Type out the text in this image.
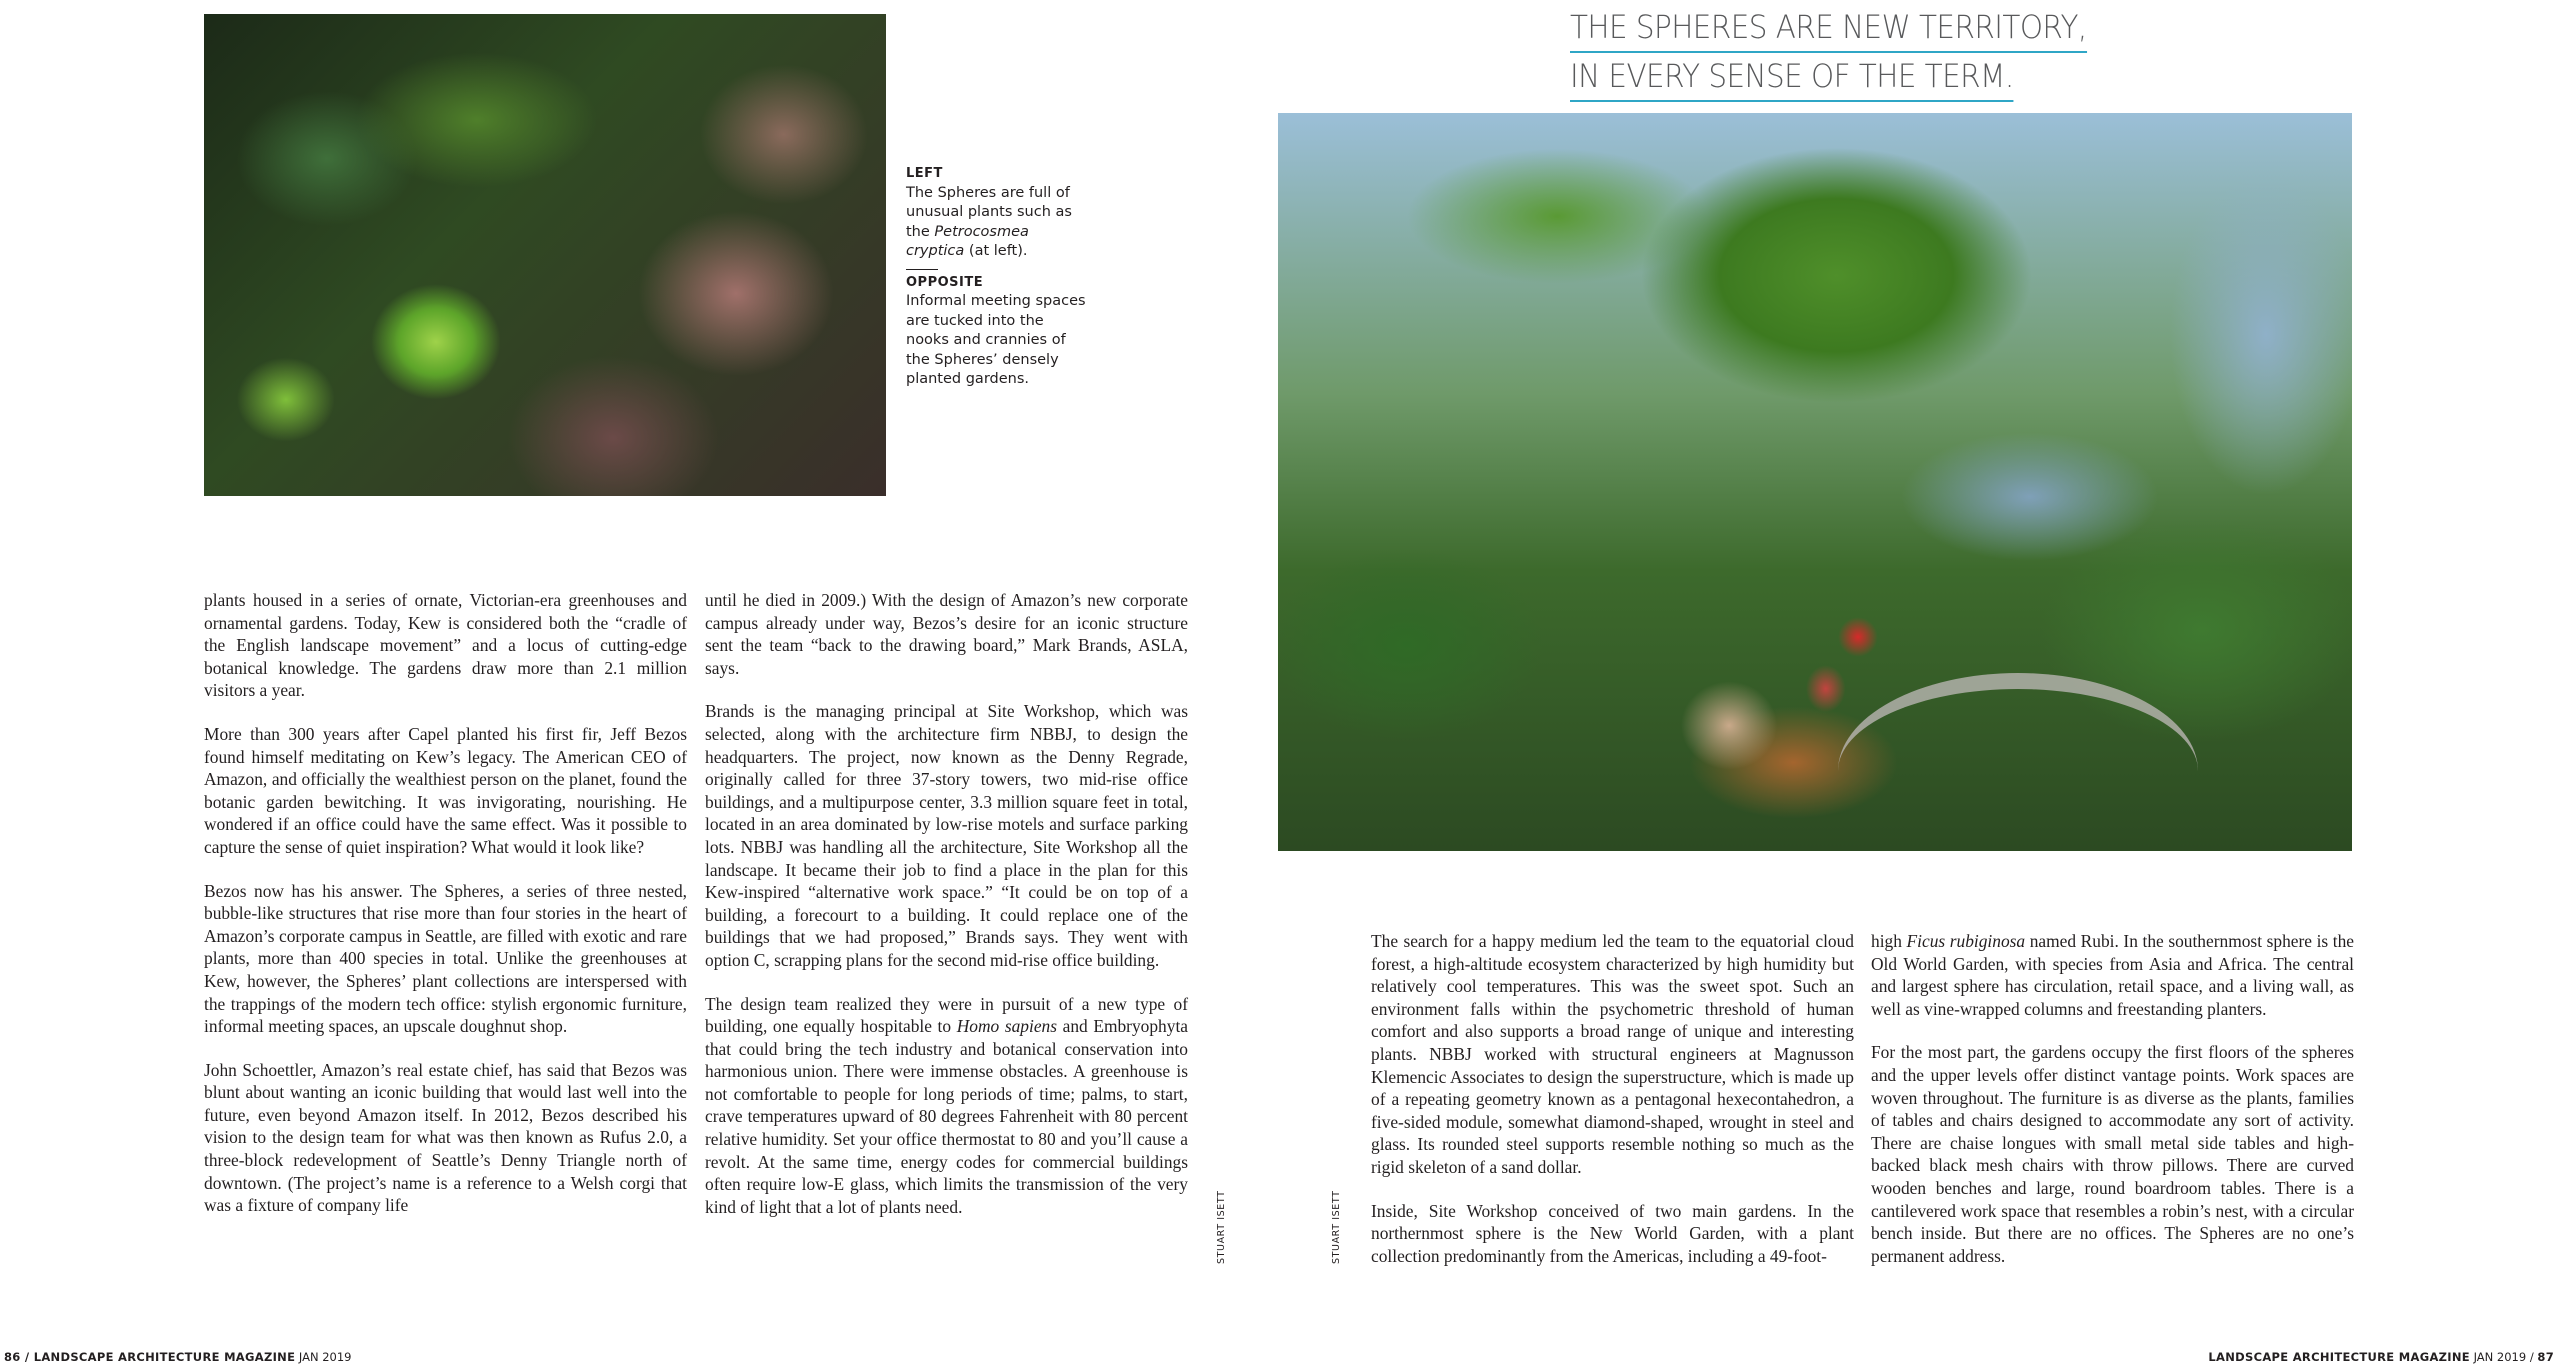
LEFT
The Spheres are full of unusual plants such as the Petrocosmea cryptica (at left).
OPPOSITE
Informal meeting spaces are tucked into the nooks and crannies of the Spheres’ densely planted gardens.
THE SPHERES ARE NEW TERRITORY,
IN EVERY SENSE OF THE TERM.

plants housed in a series of ornate, Victorian-era greenhouses and ornamental gardens. Today, Kew is considered both the “cradle of the English landscape movement” and a locus of cutting-edge botanical knowledge. The gardens draw more than 2.1 million visitors a year.

More than 300 years after Capel planted his first fir, Jeff Bezos found himself meditating on Kew’s legacy. The American CEO of Amazon, and officially the wealthiest person on the planet, found the botanic garden bewitching. It was invigorating, nourishing. He wondered if an office could have the same effect. Was it possible to capture the sense of quiet inspiration? What would it look like?

Bezos now has his answer. The Spheres, a series of three nested, bubble-like structures that rise more than four stories in the heart of Amazon’s corporate campus in Seattle, are filled with exotic and rare plants, more than 400 species in total. Unlike the greenhouses at Kew, however, the Spheres’ plant collections are interspersed with the trappings of the modern tech office: stylish ergonomic furniture, informal meeting spaces, an upscale doughnut shop.

John Schoettler, Amazon’s real estate chief, has said that Bezos was blunt about wanting an iconic building that would last well into the future, even beyond Amazon itself. In 2012, Bezos described his vision to the design team for what was then known as Rufus 2.0, a three-block redevelopment of Seattle’s Denny Triangle north of downtown. (The project’s name is a reference to a Welsh corgi that was a fixture of company life

until he died in 2009.) With the design of Amazon’s new corporate campus already under way, Bezos’s desire for an iconic structure sent the team “back to the drawing board,” Mark Brands, ASLA, says.

Brands is the managing principal at Site Workshop, which was selected, along with the architecture firm NBBJ, to design the headquarters. The project, now known as the Denny Regrade, originally called for three 37-story towers, two mid-rise office buildings, and a multipurpose center, 3.3 million square feet in total, located in an area dominated by low-rise motels and surface parking lots. NBBJ was handling all the architecture, Site Workshop all the landscape. It became their job to find a place in the plan for this Kew-inspired “alternative work space.” “It could be on top of a building, a forecourt to a building. It could replace one of the buildings that we had proposed,” Brands says. They went with option C, scrapping plans for the second mid-rise office building.

The design team realized they were in pursuit of a new type of building, one equally hospitable to Homo sapiens and Embryophyta that could bring the tech industry and botanical conservation into harmonious union. There were immense obstacles. A greenhouse is not comfortable to people for long periods of time; palms, to start, crave temperatures upward of 80 degrees Fahrenheit with 80 percent relative humidity. Set your office thermostat to 80 and you’ll cause a revolt. At the same time, energy codes for commercial buildings often require low-E glass, which limits the transmission of the very kind of light that a lot of plants need.

The search for a happy medium led the team to the equatorial cloud forest, a high-altitude ecosystem characterized by high humidity but relatively cool temperatures. This was the sweet spot. Such an environment falls within the psychometric threshold of human comfort and also supports a broad range of unique and interesting plants. NBBJ worked with structural engineers at Magnusson Klemencic Associates to design the superstructure, which is made up of a repeating geometry known as a pentagonal hexecontahedron, a five-sided module, somewhat diamond-shaped, wrought in steel and glass. Its rounded steel supports resemble nothing so much as the rigid skeleton of a sand dollar.

Inside, Site Workshop conceived of two main gardens. In the northernmost sphere is the New World Garden, with a plant collection predominantly from the Americas, including a 49-foot-

high Ficus rubiginosa named Rubi. In the southernmost sphere is the Old World Garden, with species from Asia and Africa. The central and largest sphere has circulation, retail space, and a living wall, as well as vine-wrapped columns and freestanding planters.

For the most part, the gardens occupy the first floors of the spheres and the upper levels offer distinct vantage points. Work spaces are woven throughout. The furniture is as diverse as the plants, families of tables and chairs designed to accommodate any sort of activity. There are chaise longues with small metal side tables and high-backed black mesh chairs with throw pillows. There are curved wooden benches and large, round boardroom tables. There is a cantilevered work space that resembles a robin’s nest, with a circular bench inside. But there are no offices. The Spheres are no one’s permanent address.

STUART ISETT	STUART ISETT
86 / LANDSCAPE ARCHITECTURE MAGAZINE JAN 2019	LANDSCAPE ARCHITECTURE MAGAZINE JAN 2019 / 87
